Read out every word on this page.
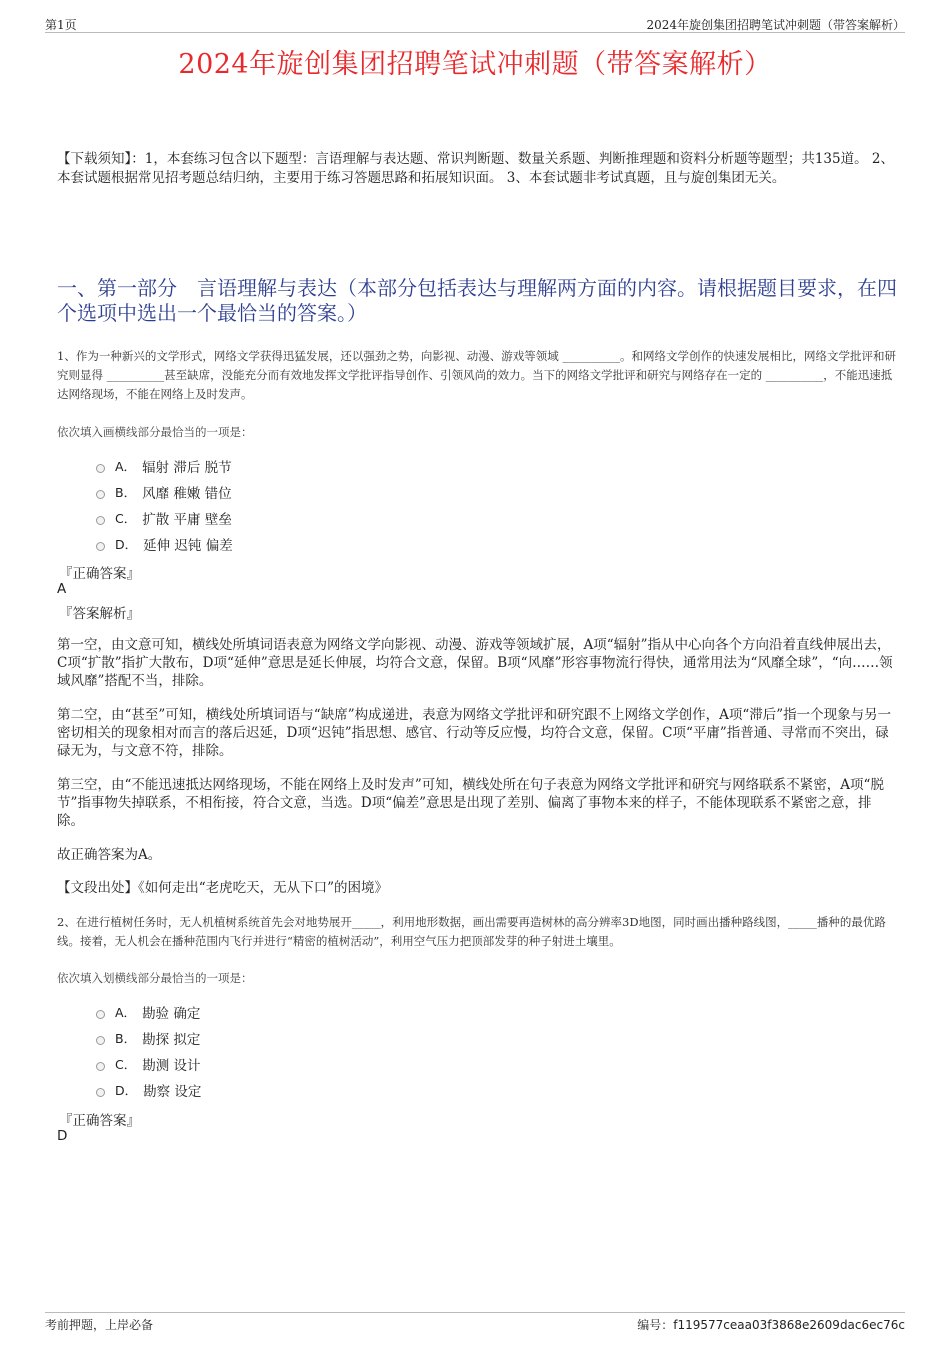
第1页	2024年旋创集团招聘笔试冲刺题（带答案解析）
2024年旋创集团招聘笔试冲刺题（带答案解析）
【下载须知】：1，本套练习包含以下题型：言语理解与表达题、常识判断题、数量关系题、判断推理题和资料分析题等题型；共135道。 2、本套试题根据常见招考题总结归纳，主要用于练习答题思路和拓展知识面。 3、本套试题非考试真题，且与旋创集团无关。
一、第一部分　言语理解与表达（本部分包括表达与理解两方面的内容。请根据题目要求，在四个选项中选出一个最恰当的答案。）
1、作为一种新兴的文学形式，网络文学获得迅猛发展，还以强劲之势，向影视、动漫、游戏等领域 __________。和网络文学创作的快速发展相比，网络文学批评和研究则显得 __________甚至缺席，没能充分而有效地发挥文学批评指导创作、引领风尚的效力。当下的网络文学批评和研究与网络存在一定的 __________，不能迅速抵达网络现场，不能在网络上及时发声。
依次填入画横线部分最恰当的一项是：
A． 辐射 滞后 脱节
B． 风靡 稚嫩 错位
C． 扩散 平庸 壁垒
D． 延伸 迟钝 偏差
『正确答案』
A
『答案解析』
第一空，由文意可知，横线处所填词语表意为网络文学向影视、动漫、游戏等领域扩展，A项“辐射”指从中心向各个方向沿着直线伸展出去，C项“扩散”指扩大散布，D项“延伸”意思是延长伸展，均符合文意，保留。B项“风靡”形容事物流行得快，通常用法为“风靡全球”，“向……领域风靡”搭配不当，排除。
第二空，由“甚至”可知，横线处所填词语与“缺席”构成递进，表意为网络文学批评和研究跟不上网络文学创作，A项“滞后”指一个现象与另一密切相关的现象相对而言的落后迟延，D项“迟钝”指思想、感官、行动等反应慢，均符合文意，保留。C项“平庸”指普通、寻常而不突出，碌碌无为，与文意不符，排除。
第三空，由“不能迅速抵达网络现场，不能在网络上及时发声”可知，横线处所在句子表意为网络文学批评和研究与网络联系不紧密，A项“脱节”指事物失掉联系，不相衔接，符合文意，当选。D项“偏差”意思是出现了差别、偏离了事物本来的样子，不能体现联系不紧密之意，排除。
故正确答案为A。
【文段出处】《如何走出“老虎吃天，无从下口”的困境》
2、在进行植树任务时，无人机植树系统首先会对地势展开_____，利用地形数据，画出需要再造树林的高分辨率3D地图，同时画出播种路线图，_____播种的最优路线。接着，无人机会在播种范围内飞行并进行“精密的植树活动”，利用空气压力把顶部发芽的种子射进土壤里。
依次填入划横线部分最恰当的一项是：
A． 勘验 确定
B． 勘探 拟定
C． 勘测 设计
D． 勘察 设定
『正确答案』
D
考前押题，上岸必备	编号：f119577ceaa03f3868e2609dac6ec76c
